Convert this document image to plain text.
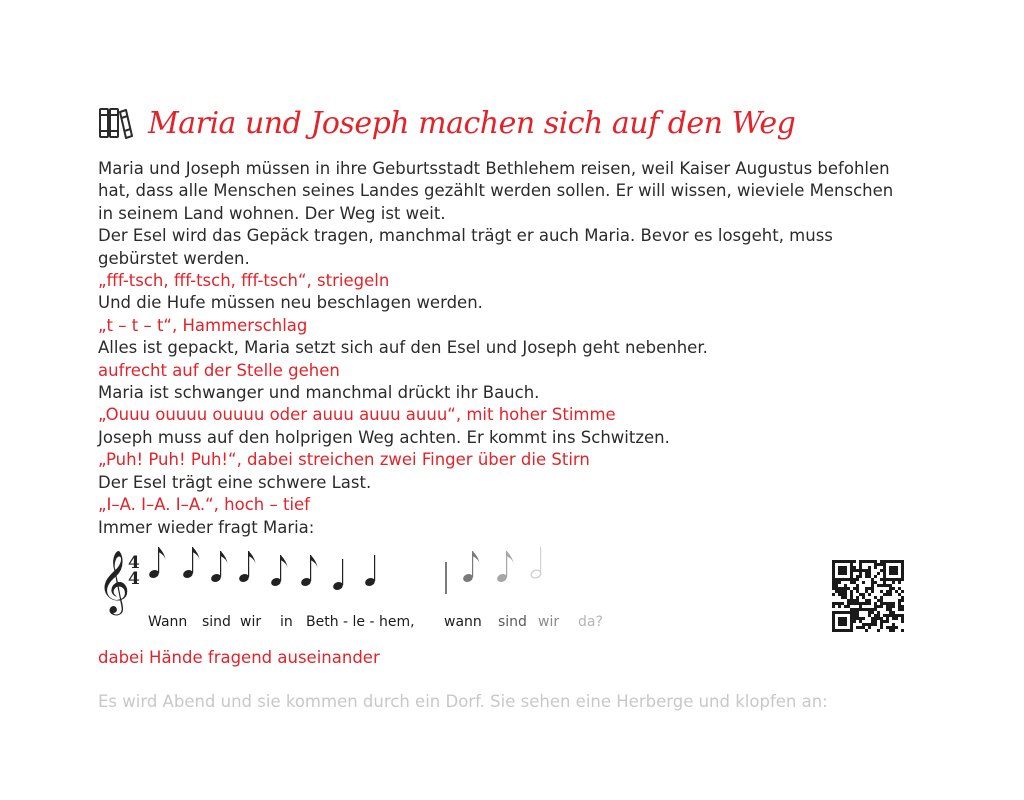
Maria und Joseph machen sich auf den Weg

Maria und Joseph müssen in ihre Geburtsstadt Bethlehem reisen, weil Kaiser Augustus befohlen hat, dass alle Menschen seines Landes gezählt werden sollen. Er will wissen, wieviele Menschen in seinem Land wohnen. Der Weg ist weit.

Der Esel wird das Gepäck tragen, manchmal trägt er auch Maria. Bevor es losgeht, muss gebürstet werden.

„fff-tsch, fff-tsch, fff-tsch“, striegeln

Und die Hufe müssen neu beschlagen werden.

„t – t – t“, Hammerschlag

Alles ist gepackt, Maria setzt sich auf den Esel und Joseph geht nebenher.

aufrecht auf der Stelle gehen

Maria ist schwanger und manchmal drückt ihr Bauch.

„Ouuu ouuuu ouuuu oder auuu auuu auuu“, mit hoher Stimme

Joseph muss auf den holprigen Weg achten. Er kommt ins Schwitzen.

„Puh! Puh! Puh!“, dabei streichen zwei Finger über die Stirn

Der Esel trägt eine schwere Last.

„I–A. I–A. I–A.“, hoch – tief

Immer wieder fragt Maria:

𝄞
4
4
Wann sind wir in Beth - le - hem, wann sind wir da?
dabei Hände fragend auseinander
Es wird Abend und sie kommen durch ein Dorf. Sie sehen eine Herberge und klopfen an:
